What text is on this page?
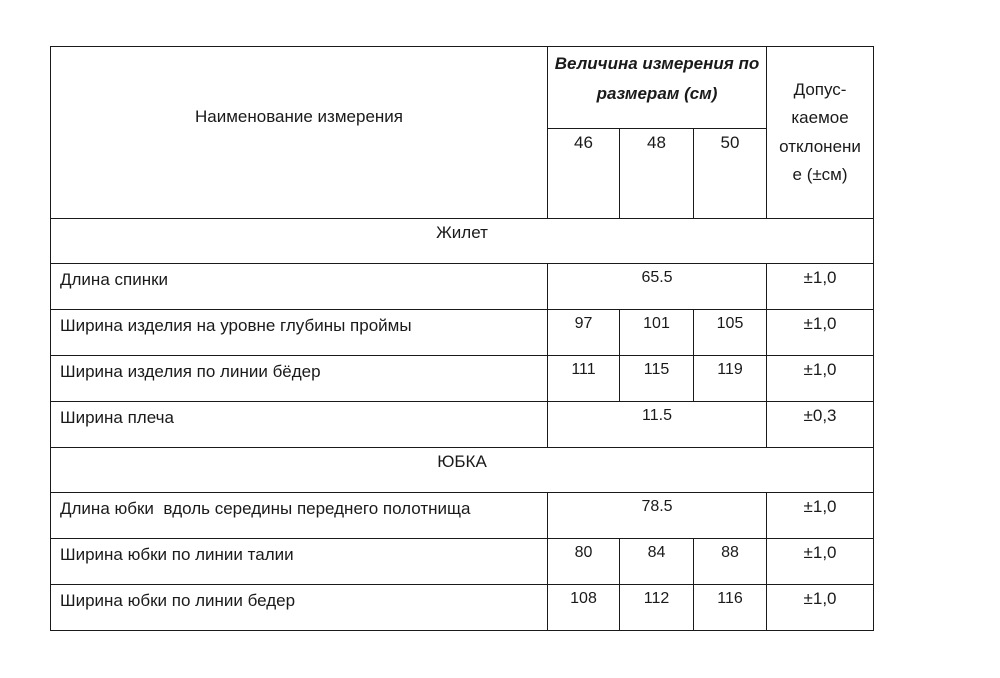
Наименование измерения	Величина измерения по размерам (см)			Допус-
каемое
отклонени
е (±см)
	46	48	50	
Жилет				
Длина спинки	65.5			±1,0
Ширина изделия на уровне глубины проймы	97	101	105	±1,0
Ширина изделия по линии бёдер	111	115	119	±1,0
Ширина плеча	11.5			±0,3
ЮБКА				
Длина юбки  вдоль середины переднего полотнища	78.5			±1,0
Ширина юбки по линии талии	80	84	88	±1,0
Ширина юбки по линии бедер	108	112	116	±1,0
